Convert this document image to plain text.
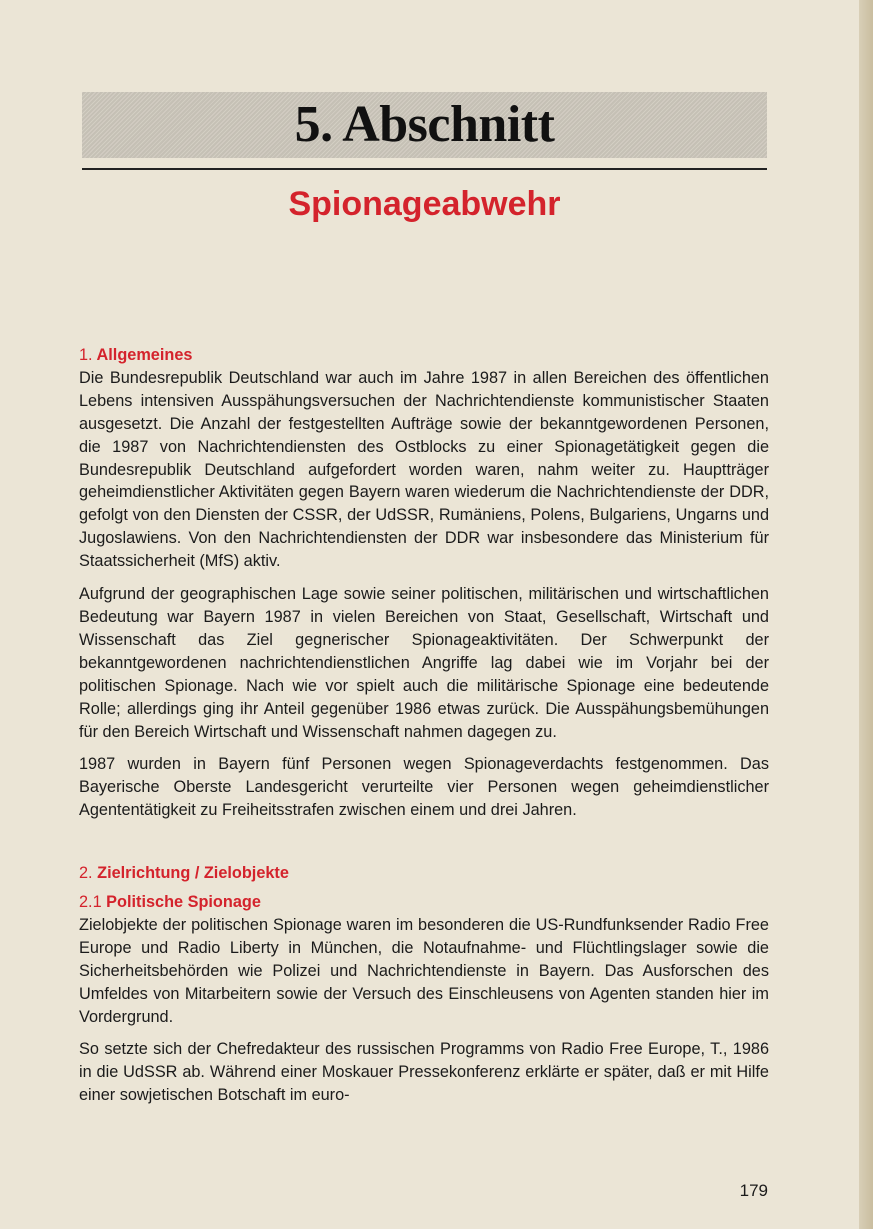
5. Abschnitt
Spionageabwehr
1. Allgemeines

Die Bundesrepublik Deutschland war auch im Jahre 1987 in allen Bereichen des öffentlichen Lebens intensiven Ausspähungsversuchen der Nachrichtendienste kommunistischer Staaten ausgesetzt. Die Anzahl der festgestellten Aufträge sowie der bekanntgewordenen Personen, die 1987 von Nachrichtendiensten des Ostblocks zu einer Spionagetätigkeit gegen die Bundesrepublik Deutschland aufgefordert worden waren, nahm weiter zu. Hauptträger geheimdienstlicher Aktivitäten gegen Bayern waren wiederum die Nachrichtendienste der DDR, gefolgt von den Diensten der CSSR, der UdSSR, Rumäniens, Polens, Bulgariens, Ungarns und Jugoslawiens. Von den Nachrichtendiensten der DDR war insbesondere das Ministerium für Staatssicherheit (MfS) aktiv.

Aufgrund der geographischen Lage sowie seiner politischen, militärischen und wirtschaftlichen Bedeutung war Bayern 1987 in vielen Bereichen von Staat, Gesellschaft, Wirtschaft und Wissenschaft das Ziel gegnerischer Spionageaktivitäten. Der Schwerpunkt der bekanntgewordenen nachrichtendienstlichen Angriffe lag dabei wie im Vorjahr bei der politischen Spionage. Nach wie vor spielt auch die militärische Spionage eine bedeutende Rolle; allerdings ging ihr Anteil gegenüber 1986 etwas zurück. Die Ausspähungsbemühungen für den Bereich Wirtschaft und Wissenschaft nahmen dagegen zu.

1987 wurden in Bayern fünf Personen wegen Spionageverdachts festgenommen. Das Bayerische Oberste Landesgericht verurteilte vier Personen wegen geheimdienstlicher Agententätigkeit zu Freiheitsstrafen zwischen einem und drei Jahren.

2. Zielrichtung / Zielobjekte
2.1 Politische Spionage

Zielobjekte der politischen Spionage waren im besonderen die US-Rundfunksender Radio Free Europe und Radio Liberty in München, die Notaufnahme- und Flüchtlingslager sowie die Sicherheitsbehörden wie Polizei und Nachrichtendienste in Bayern. Das Ausforschen des Umfeldes von Mitarbeitern sowie der Versuch des Einschleusens von Agenten standen hier im Vordergrund.

So setzte sich der Chefredakteur des russischen Programms von Radio Free Europe, T., 1986 in die UdSSR ab. Während einer Moskauer Pressekonferenz erklärte er später, daß er mit Hilfe einer sowjetischen Botschaft im euro-

179
